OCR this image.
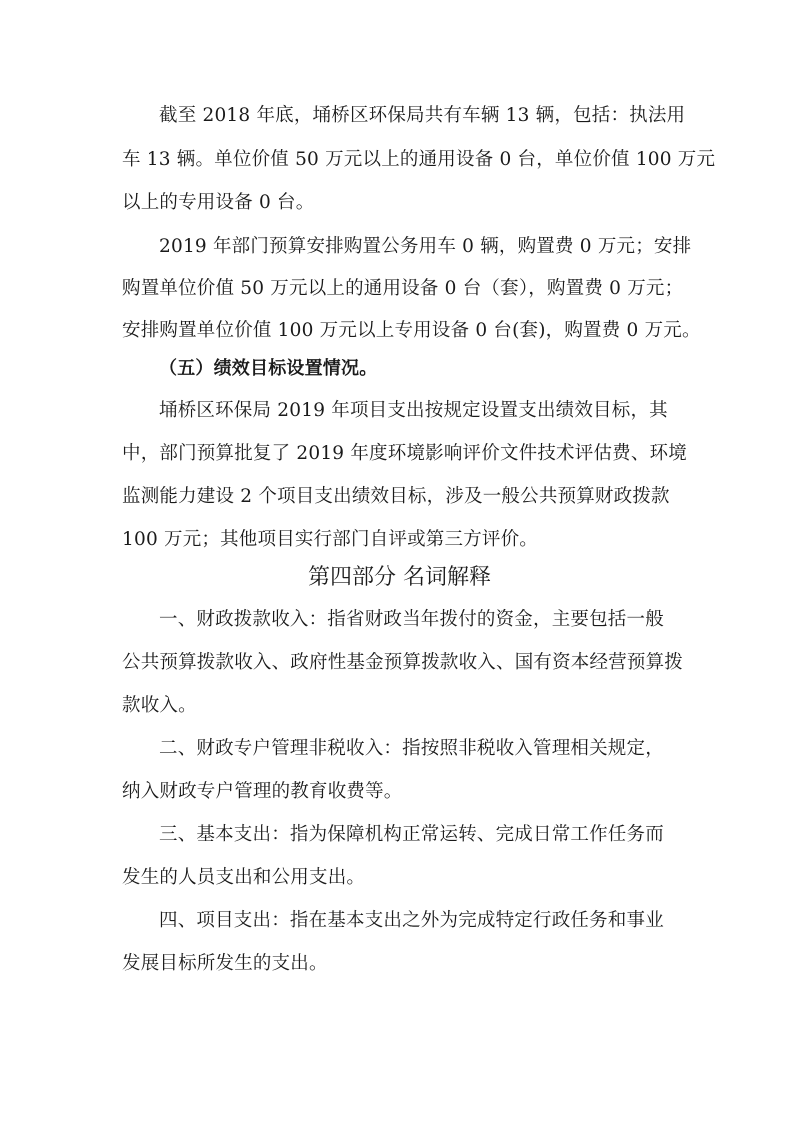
截至 2018 年底，埇桥区环保局共有车辆 13 辆，包括：执法用
车 13 辆。单位价值 50 万元以上的通用设备 0 台，单位价值 100 万元
以上的专用设备 0 台。
2019 年部门预算安排购置公务用车 0 辆，购置费 0 万元；安排
购置单位价值 50 万元以上的通用设备 0 台（套），购置费 0 万元；
安排购置单位价值 100 万元以上专用设备 0 台(套)，购置费 0 万元。
（五）绩效目标设置情况。
埇桥区环保局 2019 年项目支出按规定设置支出绩效目标，其
中，部门预算批复了 2019 年度环境影响评价文件技术评估费、环境
监测能力建设 2 个项目支出绩效目标，涉及一般公共预算财政拨款
100 万元；其他项目实行部门自评或第三方评价。
第四部分 名词解释
一、财政拨款收入：指省财政当年拨付的资金，主要包括一般
公共预算拨款收入、政府性基金预算拨款收入、国有资本经营预算拨
款收入。
二、财政专户管理非税收入：指按照非税收入管理相关规定，
纳入财政专户管理的教育收费等。
三、基本支出：指为保障机构正常运转、完成日常工作任务而
发生的人员支出和公用支出。
四、项目支出：指在基本支出之外为完成特定行政任务和事业
发展目标所发生的支出。
